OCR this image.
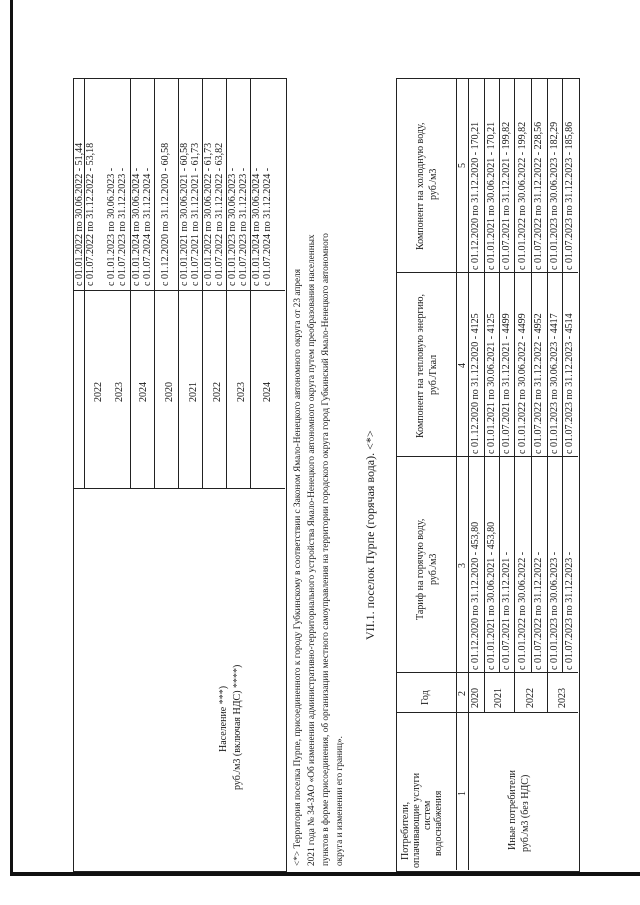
2022 2023 2024 2020 2021 2022 2023 2024
с 01.01.2022 по 30.06.2022 - 51,44 с 01.07.2022 по 31.12.2022 - 53,18 с 01.01.2023 по 30.06.2023 - с 01.07.2023 по 31.12.2023 - с 01.01.2024 по 30.06.2024 - с 01.07.2024 по 31.12.2024 - с 01.12.2020 по 31.12.2020 - 60,58 с 01.01.2021 по 30.06.2021 - 60,58 с 01.07.2021 по 31.12.2021 - 61,73 с 01.01.2022 по 30.06.2022 - 61,73 с 01.07.2022 по 31.12.2022 - 63,82 с 01.01.2023 по 30.06.2023 - с 01.07.2023 по 31.12.2023 - с 01.01.2024 по 30.06.2024 - с 01.07.2024 по 31.12.2024 -
Население ***) руб./м3 (включая НДС) ****)	<*> Территория поселка Пурпе, присоединенного к городу Губкинскому в соответствии с Законом Ямало-Ненецкого автономного округа от 23 апреля 2021 года № 34-ЗАО «Об изменении административно-территориального устройства Ямало-Ненецкого автономного округа путем преобразования населенных пунктов в форме присоединения, об организации местного самоуправления на территории городского округа город Губкинский Ямало-Ненецкого автономного округа и изменении его границ».
VII.1. поселок Пурпе (горячая вода). <*>
Потребители, оплачивающие услуги систем водоснабжения
Год
Тариф на горячую воду, руб./м3
Компонент на тепловую энергию, руб./Гкал
Компонент на холодную воду, руб./м3
1
2
3
4
5
Иные потребители руб./м3 (без НДС)
2020
с 01.12.2020 по 31.12.2020 - 453,80
с 01.12.2020 по 31.12.2020 - 4125
с 01.12.2020 по 31.12.2020 - 170,21
2021
с 01.01.2021 по 30.06.2021 - 453,80
с 01.01.2021 по 30.06.2021 - 4125
с 01.01.2021 по 30.06.2021 - 170,21
с 01.07.2021 по 31.12.2021 -
с 01.07.2021 по 31.12.2021 - 4499
с 01.07.2021 по 31.12.2021 - 199,82
2022
с 01.01.2022 по 30.06.2022 -
с 01.01.2022 по 30.06.2022 - 4499
с 01.01.2022 по 30.06.2022 - 199,82
с 01.07.2022 по 31.12.2022 -
с 01.07.2022 по 31.12.2022 - 4952
с 01.07.2022 по 31.12.2022 - 228,56
2023
с 01.01.2023 по 30.06.2023 -
с 01.01.2023 по 30.06.2023 - 4417
с 01.01.2023 по 30.06.2023 - 182,29
с 01.07.2023 по 31.12.2023 -
с 01.07.2023 по 31.12.2023 - 4514
с 01.07.2023 по 31.12.2023 - 185,86
